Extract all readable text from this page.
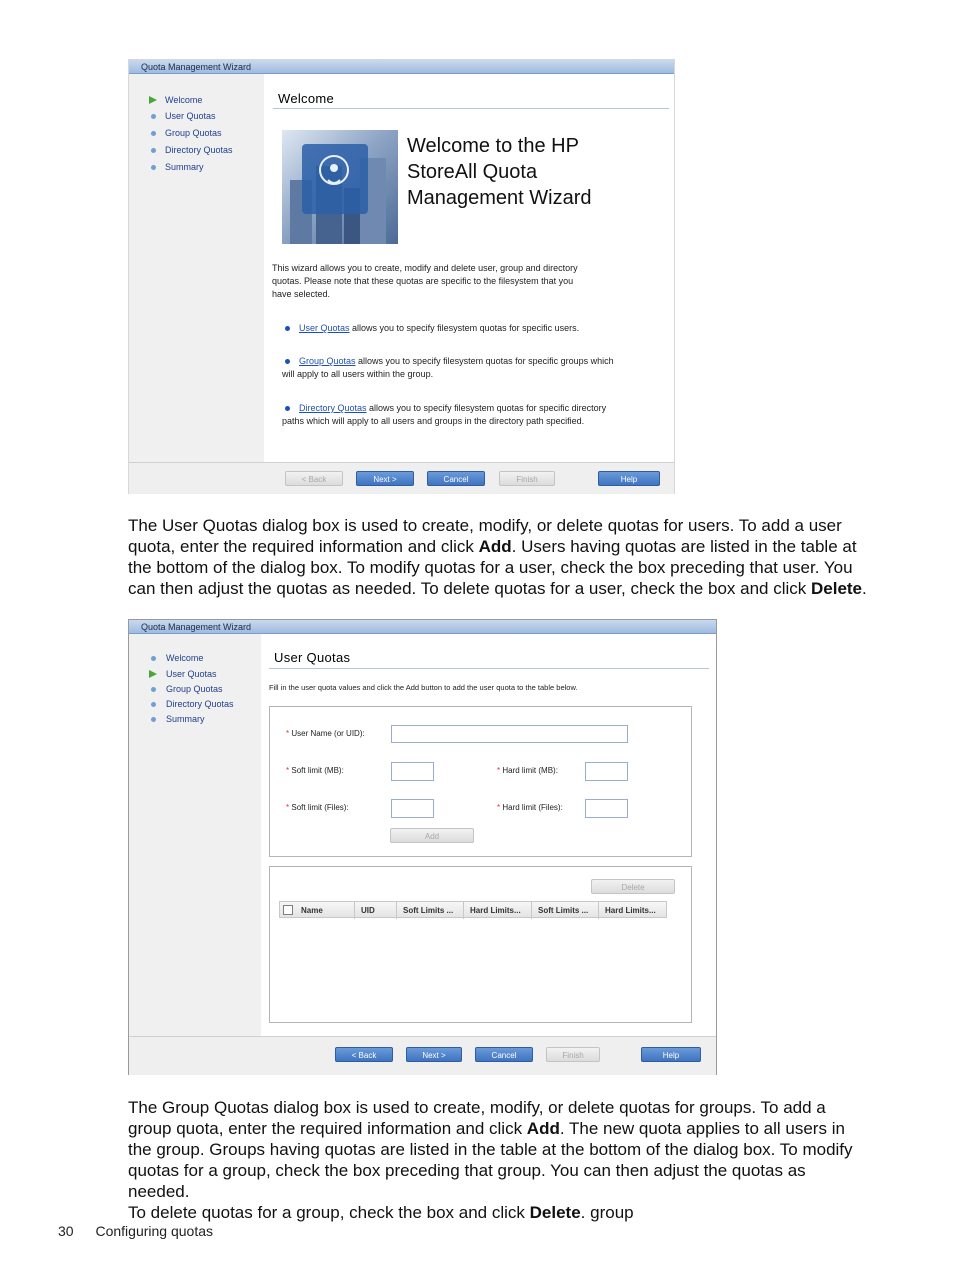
Quota Management Wizard
Welcome
User Quotas
Group Quotas
Directory Quotas
Summary
Welcome
Welcome to the HP
StoreAll Quota
Management Wizard
This wizard allows you to create, modify and delete user, group and directory
quotas. Please note that these quotas are specific to the filesystem that you
have selected.
User Quotas allows you to specify filesystem quotas for specific users.
Group Quotas allows you to specify filesystem quotas for specific groups which
will apply to all users within the group.
Directory Quotas allows you to specify filesystem quotas for specific directory
paths which will apply to all users and groups in the directory path specified.
< Back	Next >	Cancel	Finish	Help
The User Quotas dialog box is used to create, modify, or delete quotas for users. To add a user
quota, enter the required information and click Add. Users having quotas are listed in the table at
the bottom of the dialog box. To modify quotas for a user, check the box preceding that user. You
can then adjust the quotas as needed. To delete quotas for a user, check the box and click Delete.
Quota Management Wizard
Welcome
User Quotas
Group Quotas
Directory Quotas
Summary
User Quotas
Fill in the user quota values and click the Add button to add the user quota to the table below.
* User Name (or UID):
* Soft limit (MB):	* Hard limit (MB):
* Soft limit (Files):	* Hard limit (Files):
Add
Delete
Name	UID	Soft Limits ...	Hard Limits...	Soft Limits ...	Hard Limits...
< Back	Next >	Cancel	Finish	Help
The Group Quotas dialog box is used to create, modify, or delete quotas for groups. To add a
group quota, enter the required information and click Add. The new quota applies to all users in
the group. Groups having quotas are listed in the table at the bottom of the dialog box. To modify
quotas for a group, check the box preceding that group. You can then adjust the quotas as needed.
To delete quotas for a group, check the box and click Delete. group
30 Configuring quotas
